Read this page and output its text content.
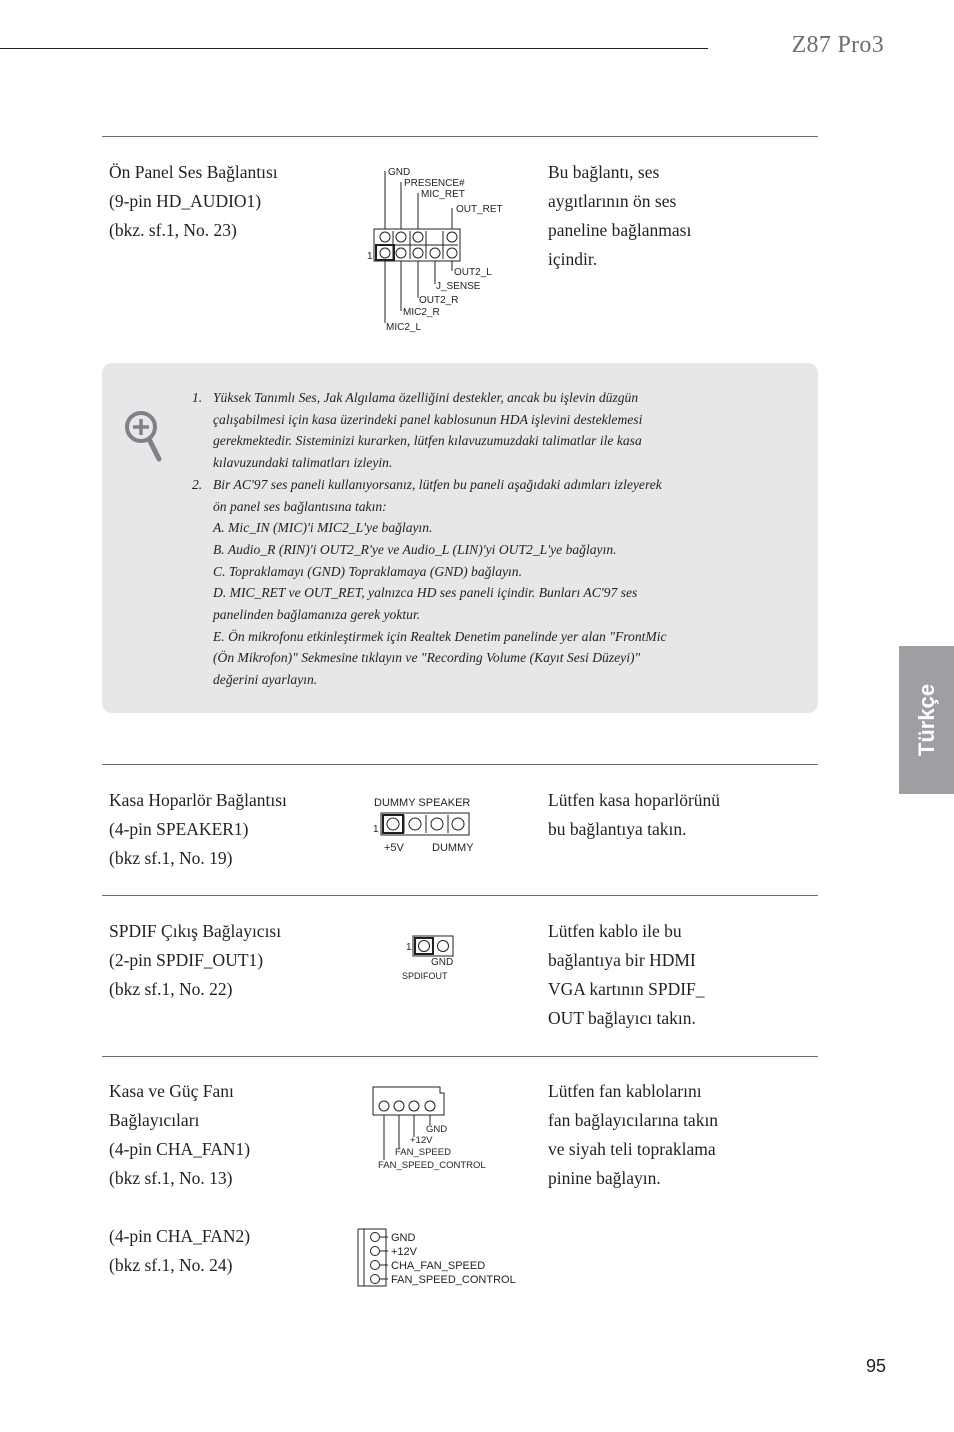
Z87 Pro3
Türkçe
Ön Panel Ses Bağlantısı
(9-pin HD_AUDIO1)
(bkz. sf.1, No. 23)
GND
PRESENCE#
MIC_RET
OUT_RET
1
OUT2_L
J_SENSE
OUT2_R
MIC2_R
MIC2_L
Bu bağlantı, ses
aygıtlarının ön ses
paneline bağlanması
içindir.
1. Yüksek Tanımlı Ses, Jak Algılama özelliğini destekler, ancak bu işlevin düzgün
çalışabilmesi için kasa üzerindeki panel kablosunun HDA işlevini desteklemesi
gerekmektedir. Sisteminizi kurarken, lütfen kılavuzumuzdaki talimatlar ile kasa
kılavuzundaki talimatları izleyin.
2. Bir AC'97 ses paneli kullanıyorsanız, lütfen bu paneli aşağıdaki adımları izleyerek
ön panel ses bağlantısına takın:
A. Mic_IN (MIC)'i MIC2_L'ye bağlayın.
B. Audio_R (RIN)'i OUT2_R'ye ve Audio_L (LIN)'yi OUT2_L'ye bağlayın.
C. Topraklamayı (GND) Topraklamaya (GND) bağlayın.
D. MIC_RET ve OUT_RET, yalnızca HD ses paneli içindir. Bunları AC'97 ses
panelinden bağlamanıza gerek yoktur.
E. Ön mikrofonu etkinleştirmek için Realtek Denetim panelinde yer alan "FrontMic
(Ön Mikrofon)" Sekmesine tıklayın ve "Recording Volume (Kayıt Sesi Düzeyi)"
değerini ayarlayın.
Kasa Hoparlör Bağlantısı
(4-pin SPEAKER1)
(bkz sf.1, No. 19)
DUMMY SPEAKER
1
+5V	DUMMY
Lütfen kasa hoparlörünü
bu bağlantıya takın.
SPDIF Çıkış Bağlayıcısı
(2-pin SPDIF_OUT1)
(bkz sf.1, No. 22)
1
GND
SPDIFOUT
Lütfen kablo ile bu
bağlantıya bir HDMI
VGA kartının SPDIF_
OUT bağlayıcı takın.
Kasa ve Güç Fanı
Bağlayıcıları
(4-pin CHA_FAN1)
(bkz sf.1, No. 13)
(4-pin CHA_FAN2)
(bkz sf.1, No. 24)
GND
+12V
FAN_SPEED
FAN_SPEED_CONTROL
GND
+12V
CHA_FAN_SPEED
FAN_SPEED_CONTROL
Lütfen fan kablolarını
fan bağlayıcılarına takın
ve siyah teli topraklama
pinine bağlayın.
95
